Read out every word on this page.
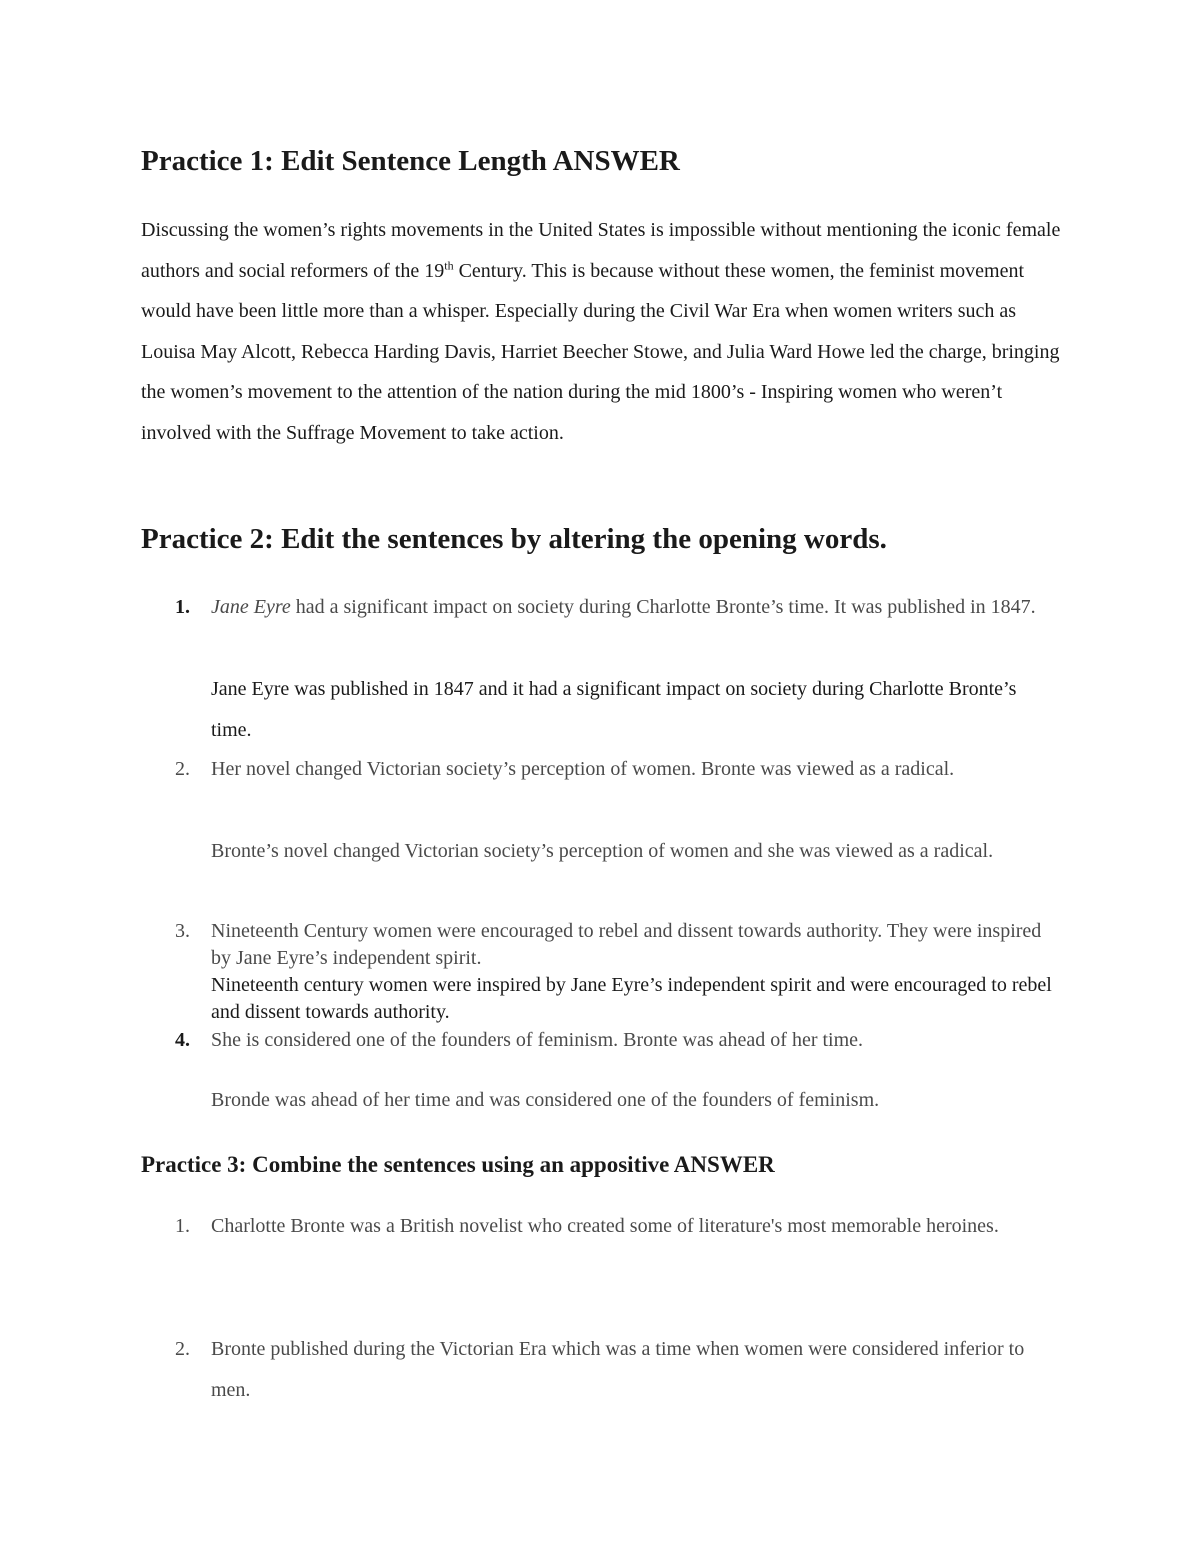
Practice 1: Edit Sentence Length ANSWER
Discussing the women’s rights movements in the United States is impossible without mentioning the iconic female authors and social reformers of the 19th Century. This is because without these women, the feminist movement would have been little more than a whisper. Especially during the Civil War Era when women writers such as Louisa May Alcott, Rebecca Harding Davis, Harriet Beecher Stowe, and Julia Ward Howe led the charge, bringing the women’s movement to the attention of the nation during the mid 1800’s - Inspiring women who weren’t involved with the Suffrage Movement to take action.
Practice 2: Edit the sentences by altering the opening words.
1.	Jane Eyre had a significant impact on society during Charlotte Bronte’s time. It was published in 1847.
Jane Eyre was published in 1847 and it had a significant impact on society during Charlotte Bronte’s time.
2.	Her novel changed Victorian society’s perception of women. Bronte was viewed as a radical.
Bronte’s novel changed Victorian society’s perception of women and she was viewed as a radical.
3.	Nineteenth Century women were encouraged to rebel and dissent towards authority. They were inspired by Jane Eyre’s independent spirit.
Nineteenth century women were inspired by Jane Eyre’s independent spirit and were encouraged to rebel and dissent towards authority.
4.	She is considered one of the founders of feminism. Bronte was ahead of her time.
Bronde was ahead of her time and was considered one of the founders of feminism.
Practice 3: Combine the sentences using an appositive ANSWER
1.	Charlotte Bronte was a British novelist who created some of literature's most memorable heroines.
2.	Bronte published during the Victorian Era which was a time when women were considered inferior to men.
